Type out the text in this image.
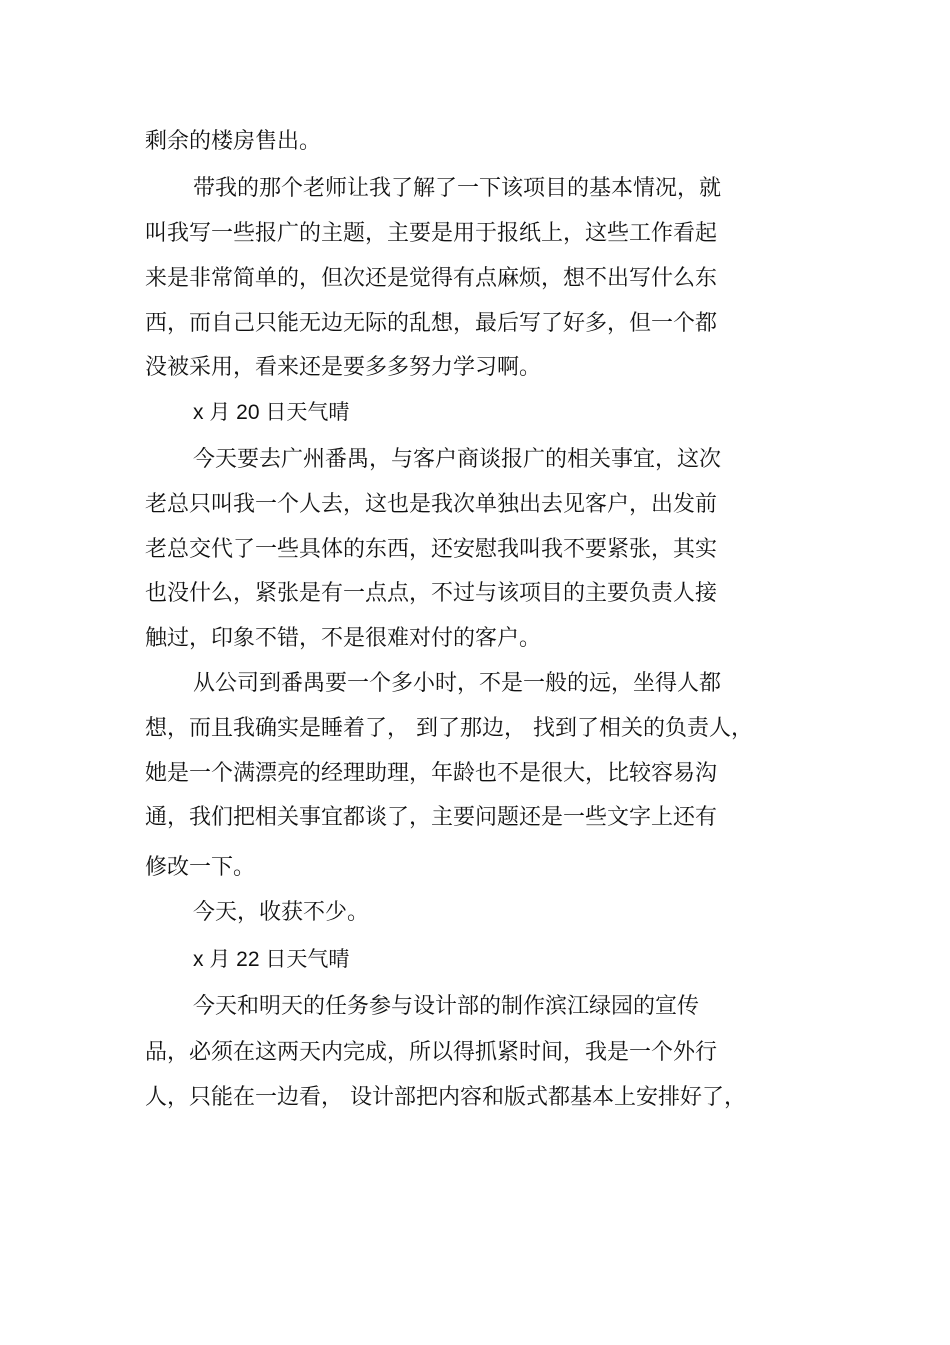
剩余的楼房售出。
带我的那个老师让我了解了一下该项目的基本情况，就
叫我写一些报广的主题，主要是用于报纸上，这些工作看起
来是非常简单的，但次还是觉得有点麻烦，想不出写什么东
西，而自己只能无边无际的乱想，最后写了好多，但一个都
没被采用，看来还是要多多努力学习啊。
x 月 20 日天气晴
今天要去广州番禺，与客户商谈报广的相关事宜，这次
老总只叫我一个人去，这也是我次单独出去见客户，出发前
老总交代了一些具体的东西，还安慰我叫我不要紧张，其实
也没什么，紧张是有一点点，不过与该项目的主要负责人接
触过，印象不错，不是很难对付的客户。
从公司到番禺要一个多小时，不是一般的远，坐得人都
想，而且我确实是睡着了， 到了那边， 找到了相关的负责人，
她是一个满漂亮的经理助理，年龄也不是很大，比较容易沟
通，我们把相关事宜都谈了，主要问题还是一些文字上还有
修改一下。
今天，收获不少。
x 月 22 日天气晴
今天和明天的任务参与设计部的制作滨江绿园的宣传
品，必须在这两天内完成，所以得抓紧时间，我是一个外行
人，只能在一边看， 设计部把内容和版式都基本上安排好了，
